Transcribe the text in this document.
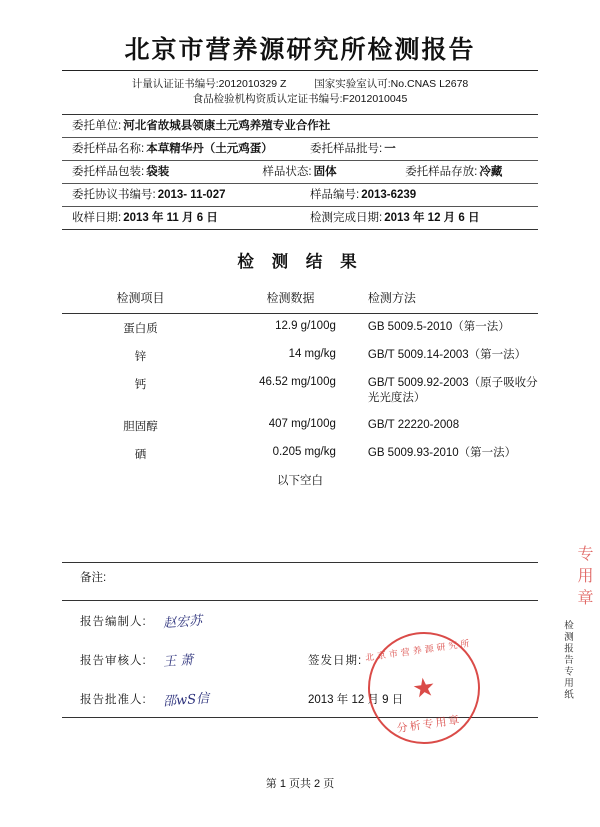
北京市营养源研究所检测报告
计量认证证书编号:2012010329 Z	国家实验室认可:No.CNAS L2678
食品检验机构资质认定证书编号:F2012010045
委托单位: 河北省故城县领康土元鸡养殖专业合作社
委托样品名称: 本草精华丹（土元鸡蛋）	委托样品批号: 一
委托样品包装: 袋装	样品状态: 固体	委托样品存放: 冷藏
委托协议书编号: 2013- 11-027	样品编号: 2013-6239
收样日期: 2013 年 11 月 6 日	检测完成日期: 2013 年 12 月 6 日
检 测 结 果
检测项目	检测数据	检测方法
蛋白质	12.9 g/100g	GB 5009.5-2010（第一法）
锌	14 mg/kg	GB/T 5009.14-2003（第一法）
钙	46.52 mg/100g	GB/T 5009.92-2003（原子吸收分光光度法）
胆固醇	407 mg/100g	GB/T 22220-2008
硒	0.205 mg/kg	GB 5009.93-2010（第一法）
以下空白
备注:
报告编制人: 赵宏苏
报告审核人: 王 萧	签发日期:
报告批准人: 邵wS信	2013 年 12 月 9 日
北京市营养源研究所
★
分析专用章
检测报告专用纸
专用章
第 1 页共 2 页
